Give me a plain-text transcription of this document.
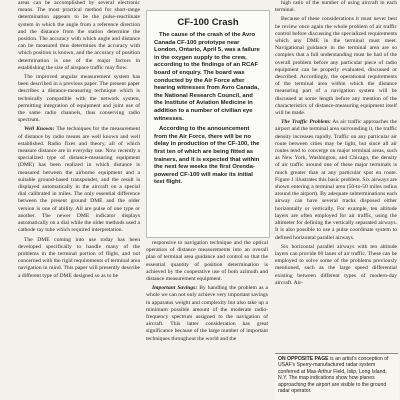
areas can be accomplished by several electronic means. The most practical method for short-range determination appears to be the pulse-reactiinate system in which the angle from a reference direction and the distance from the station determine the position. The accuracy with which angle and distance can be measured thus determines the accuracy with which position is known, and the accuracy of position determination is one of the major factors in establishing the size of airspace traffic may flow.

The improved angular measurement system has been described in a previous paper. The present paper describes a distance-measuring technique which is technically compatible with the network system, permitting integration of equipment and joint use of the same radio channels, thus conserving radio spectrum.

Well Known: The techniques for the measurement of distance by radio means are well known and well established. Radio fixes and theory, all of which measure distance are in everyday use. Now recently a specialized type of distance-measuring equipment (DME) has been realized in which distance is measured between the airborne equipment and a suitable ground-based transponder, and the result is displayed automatically in the aircraft on a special dial calibrated in miles. The only essential difference between the present ground DME and the older version is one of ability. All are pulse of one type or another. The newer DME indicator displays automatically on a dial while the older methods used a cathode ray tube which required interpretation.

The DME coming into use today has been developed specifically to handle many of the problems in the terminal portion of flight, and not concerned with the rigid requirements of terminal area navigation in mind. This paper will presently describe a different type of DME designed so as to be

CF-100 Crash

The cause of the crash of the Avro Canada CF-100 prototype near London, Ontario, April 5, was a failure in the oxygen supply to the crew, according to the findings of an RCAF board of enquiry. The board was conducted by the Air Force after hearing witnesses from Avro Canada, the National Research Council, and the Institute of Aviation Medicine in addition to a number of civilian eye witnesses.

According to the announcement from the Air Force, there will be no delay in production of the CF-100, the first ten of which are being fitted as trainers, and it is expected that within the next few weeks the first Orenda-powered CF-100 will make its initial test flight.

responsive to navigation technique and the optical operation of distance measurements into an overall plan of terminal area guidance and control so that the essential quantity of position determination is achieved by the cooperative use of both azimuth and distance measurement equipment.

Important Savings: By handling the problem as a whole we can not only achieve very important savings in apparatus weight and complexity but also take up a minimum possible amount of the moderate radio-frequency spectrum assigned to the navigation of aircraft. This latter consideration has great significance because of the large number of important techniques throughout the world and the

high ratio of the number of using aircraft in each terminal.

Because of these considerations it must never best be review once again the whole problem of air traffic control before discussing the specialized requirements which any DME in the terminal must meet. Navigational guidance in the terminal area are so complex that a full understanding must be had of the overall problem before any particular piece of radio equipment can be properly evaluated, discussed or described. Accordingly, the operational requirements of the terminal area within which the distance measuring part of a navigation system will be discussed at some length before any mention of the characteristics of distance-measuring equipment itself will be made.

The Traffic Problem: As air traffic approaches the airport and the terminal area surrounding it, the traffic density increases rapidly. Traffic on any particular air route between cities may be light, but since all air routes tend to converge on major terminal areas, such as New York, Washington, and Chicago, the density of air traffic around one of these major terminals is much greater than at any particular spot en route. Figure 1 illustrates this basic problem. Six airways are shown entering a terminal area (50-to-50 miles radius around the airport). By adequate subterminations each airway can have several tracks disposed either horizontally or vertically. For example, ten altitude layers are often employed for air traffic, using the altimeter for defining the vertically separated airways. It is also possible to use a pulse coordinate system to defined horizontal parallel airways.

Six horizontal parallel airways with ten altitude layers can provide 60 lanes of air traffic. These can be employed to solve some of the problems previously mentioned, such as the large speed differential existing between different types of modern-day aircraft. Air-

ON OPPOSITE PAGE is an artist's conception of USAF's Sperry-manufactured radar system conferred at Mas-Arthur Field, Islip, Long Island, N.Y. The map indications show how planes approaching the airport are visible to the ground radar operator.
